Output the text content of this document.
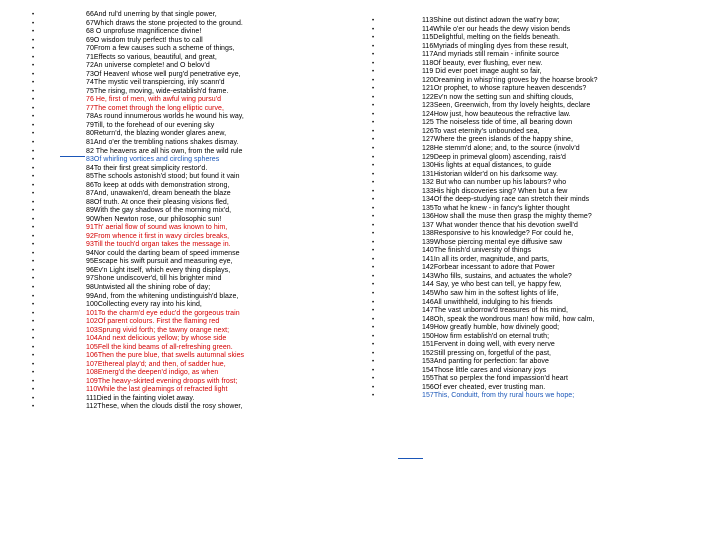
•	66And rul'd unerring by that single power,
•	67Which draws the stone projected to the ground.
•	68 O unprofuse magnificence divine!
•	69O wisdom truly perfect! thus to call
•	70From a few causes such a scheme of things,
•	71Effects so various, beautiful, and great,
•	72An universe complete! and O belov'd
•	73Of Heaven! whose well purg'd penetrative eye,
•	74The mystic veil transpiercing, inly scann'd
•	75The rising, moving, wide-establish'd frame.
•	76 He, first of men, with awful wing pursu'd
•	77The comet through the long elliptic curve,
•	78As round innumerous worlds he wound his way,
•	79Till, to the forehead of our evening sky
•	80Return'd, the blazing wonder glares anew,
•	81And o'er the trembling nations shakes dismay.
•	82 The heavens are all his own, from the wild rule
•	83Of whirling vortices and circling spheres
•	84To their first great simplicity restor'd.
•	85The schools astonish'd stood; but found it vain
•	86To keep at odds with demonstration strong,
•	87And, unawaken'd, dream beneath the blaze
•	88Of truth. At once their pleasing visions fled,
•	89With the gay shadows of the morning mix'd,
•	90When Newton rose, our philosophic sun!
•	91Th' aerial flow of sound was known to him,
•	92From whence it first in wavy circles breaks,
•	93Till the touch'd organ takes the message in.
•	94Nor could the darting beam of speed immense
•	95Escape his swift pursuit and measuring eye,
•	96Ev'n Light itself, which every thing displays,
•	97Shone undiscover'd, till his brighter mind
•	98Untwisted all the shining robe of day;
•	99And, from the whitening undistinguish'd blaze,
•	100Collecting every ray into his kind,
•	101To the charm'd eye educ'd the gorgeous train
•	102Of parent colours. First the flaming red
•	103Sprung vivid forth; the tawny orange next;
•	104And next delicious yellow; by whose side
•	105Fell the kind beams of all-refreshing green.
•	106Then the pure blue, that swells autumnal skies
•	107Ethereal play'd; and then, of sadder hue,
•	108Emerg'd the deepen'd indigo, as when
•	109The heavy-skirted evening droops with frost;
•	110While the last gleamings of refracted light
•	111Died in the fainting violet away.
•	112These, when the clouds distil the rosy shower,
•	113Shine out distinct adown the wat'ry bow;
•	114While o'er our heads the dewy vision bends
•	115Delightful, melting on the fields beneath.
•	116Myriads of mingling dyes from these result,
•	117And myriads still remain - infinite source
•	118Of beauty, ever flushing, ever new.
•	119 Did ever poet image aught so fair,
•	120Dreaming in whisp'ring groves by the hoarse brook?
•	121Or prophet, to whose rapture heaven descends?
•	122Ev'n now the setting sun and shifting clouds,
•	123Seen, Greenwich, from thy lovely heights, declare
•	124How just, how beauteous the refractive law.
•	125 The noiseless tide of time, all bearing down
•	126To vast eternity's unbounded sea,
•	127Where the green islands of the happy shine,
•	128He stemm'd alone; and, to the source (involv'd
•	129Deep in primeval gloom) ascending, rais'd
•	130His lights at equal distances, to guide
•	131Historian wilder'd on his darksome way.
•	132 But who can number up his labours? who
•	133His high discoveries sing? When but a few
•	134Of the deep-studying race can stretch their minds
•	135To what he knew - in fancy's lighter thought
•	136How shall the muse then grasp the mighty theme?
•	137 What wonder thence that his devotion swell'd
•	138Responsive to his knowledge? For could he,
•	139Whose piercing mental eye diffusive saw
•	140The finish'd university of things
•	141In all its order, magnitude, and parts,
•	142Forbear incessant to adore that Power
•	143Who fills, sustains, and actuates the whole?
•	144 Say, ye who best can tell, ye happy few,
•	145Who saw him in the softest lights of life,
•	146All unwithheld, indulging to his friends
•	147The vast unborrow'd treasures of his mind,
•	148Oh, speak the wondrous man! how mild, how calm,
•	149How greatly humble, how divinely good;
•	150How firm establish'd on eternal truth;
•	151Fervent in doing well, with every nerve
•	152Still pressing on, forgetful of the past,
•	153And panting for perfection: far above
•	154Those little cares and visionary joys
•	155That so perplex the fond impassion'd heart
•	156Of ever cheated, ever trusting man.
•	157This, Conduitt, from thy rural hours we hope;
